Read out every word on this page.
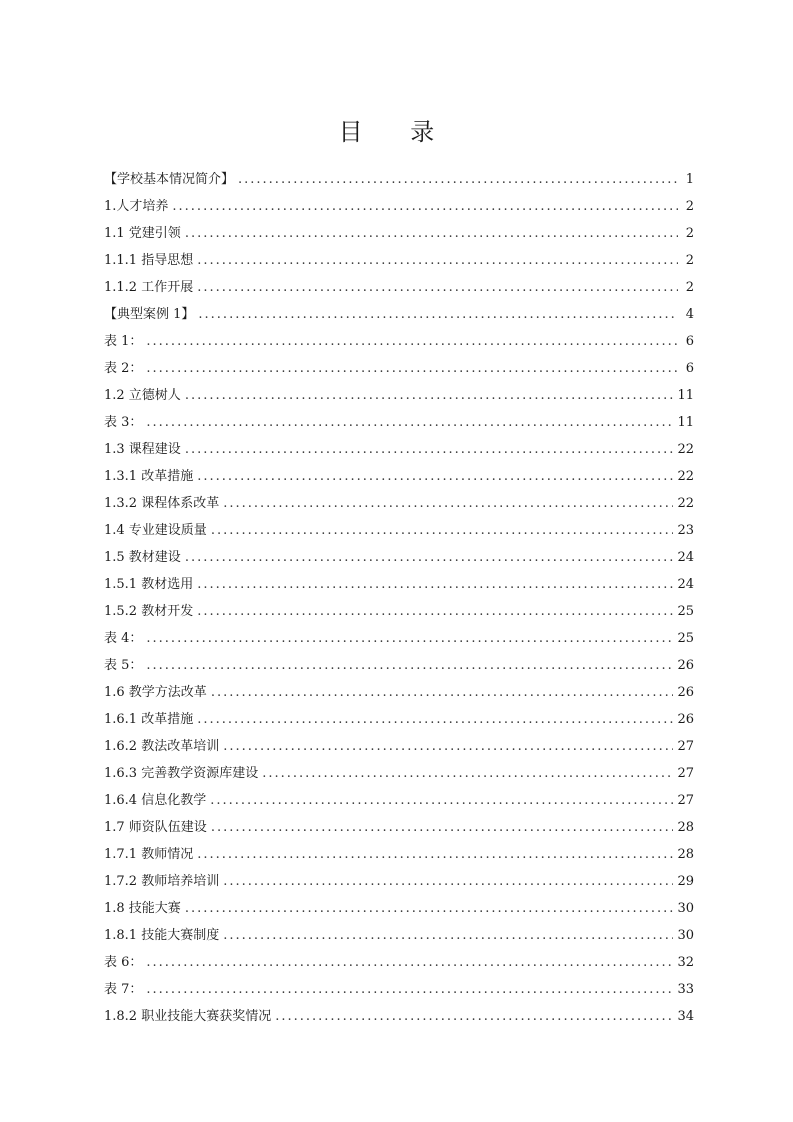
目 录
【学校基本情况简介】 .....	1
1.人才培养 .....	2
1.1 党建引领 .....	2
1.1.1 指导思想 .....	2
1.1.2 工作开展 .....	2
【典型案例 1】 .....	4
表 1： .....	6
表 2： .....	6
1.2 立德树人 .....	11
表 3： .....	11
1.3 课程建设 .....	22
1.3.1 改革措施 .....	22
1.3.2 课程体系改革 .....	22
1.4 专业建设质量 .....	23
1.5 教材建设 .....	24
1.5.1 教材选用 .....	24
1.5.2 教材开发 .....	25
表 4： .....	25
表 5： .....	26
1.6 教学方法改革 .....	26
1.6.1 改革措施 .....	26
1.6.2 教法改革培训 .....	27
1.6.3 完善教学资源库建设 .....	27
1.6.4 信息化教学 .....	27
1.7 师资队伍建设 .....	28
1.7.1 教师情况 .....	28
1.7.2 教师培养培训 .....	29
1.8 技能大赛 .....	30
1.8.1 技能大赛制度 .....	30
表 6： .....	32
表 7： .....	33
1.8.2 职业技能大赛获奖情况 .....	34
